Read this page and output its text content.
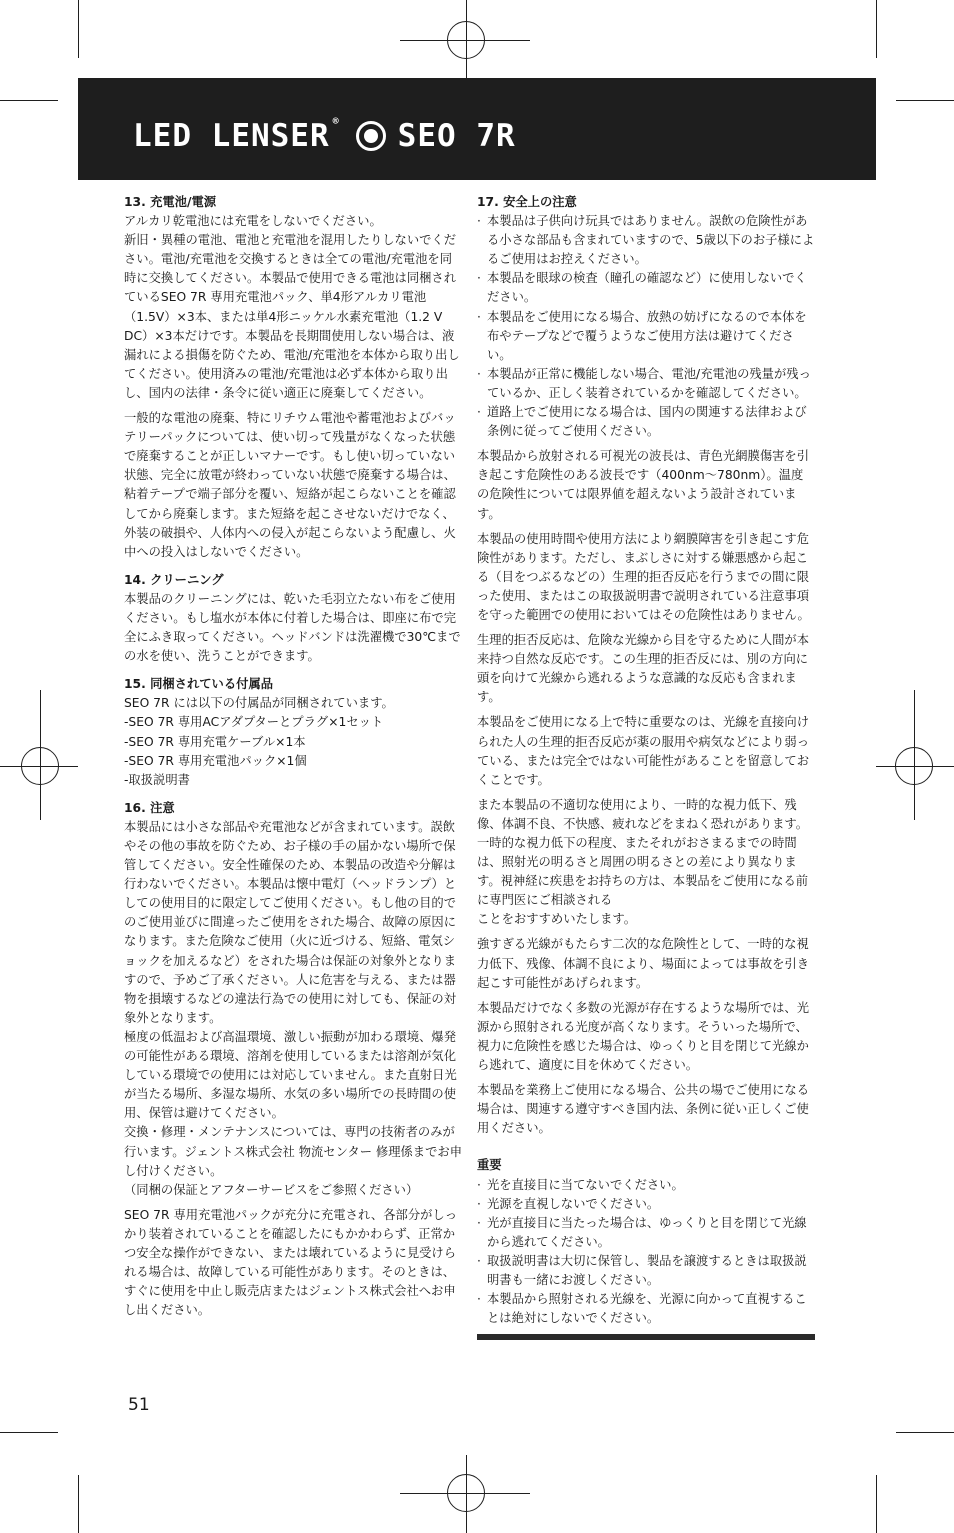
LED LENSER ® SEO 7R
13. 充電池/電源

アルカリ乾電池には充電をしないでください。

新旧・異種の電池、電池と充電池を混用したりしないでください。電池/充電池を交換するときは全ての電池/充電池を同時に交換してください。本製品で使用できる電池は同梱されているSEO 7R 専用充電池パック、単4形アルカリ電池（1.5V）×3本、または単4形ニッケル水素充電池（1.2 V DC）×3本だけです。本製品を長期間使用しない場合は、液漏れによる損傷を防ぐため、電池/充電池を本体から取り出してください。使用済みの電池/充電池は必ず本体から取り出し、国内の法律・条令に従い適正に廃棄してください。

一般的な電池の廃棄、特にリチウム電池や蓄電池およびバッテリーパックについては、使い切って残量がなくなった状態で廃棄することが正しいマナーです。もし使い切っていない状態、完全に放電が終わっていない状態で廃棄する場合は、粘着テープで端子部分を覆い、短絡が起こらないことを確認してから廃棄します。また短絡を起こさせないだけでなく、外装の破損や、人体内への侵入が起こらないよう配慮し、火中への投入はしないでください。

14. クリーニング

本製品のクリーニングには、乾いた毛羽立たない布をご使用ください。もし塩水が本体に付着した場合は、即座に布で完全にふき取ってください。ヘッドバンドは洗濯機で30℃までの水を使い、洗うことができます。

15. 同梱されている付属品
SEO 7R には以下の付属品が同梱されています。
-SEO 7R 専用ACアダプターとプラグ×1セット
-SEO 7R 専用充電ケーブル×1本
-SEO 7R 専用充電池パック×1個
-取扱説明書
16. 注意

本製品には小さな部品や充電池などが含まれています。誤飲やその他の事故を防ぐため、お子様の手の届かない場所で保管してください。安全性確保のため、本製品の改造や分解は行わないでください。本製品は懐中電灯（ヘッドランプ）としての使用目的に限定してご使用ください。もし他の目的でのご使用並びに間違ったご使用をされた場合、故障の原因になります。また危険なご使用（火に近づける、短絡、電気ショックを加えるなど）をされた場合は保証の対象外となりますので、予めご了承ください。人に危害を与える、または器物を損壊するなどの違法行為での使用に対しても、保証の対象外となります。

極度の低温および高温環境、激しい振動が加わる環境、爆発の可能性がある環境、溶剤を使用しているまたは溶剤が気化している環境での使用には対応していません。また直射日光が当たる場所、多湿な場所、水気の多い場所での長時間の使用、保管は避けてください。

交換・修理・メンテナンスについては、専門の技術者のみが行います。ジェントス株式会社 物流センター 修理係までお申し付けください。

（同梱の保証とアフターサービスをご参照ください）

SEO 7R 専用充電池パックが充分に充電され、各部分がしっかり装着されていることを確認したにもかかわらず、正常かつ安全な操作ができない、または壊れているように見受けられる場合は、故障している可能性があります。そのときは、すぐに使用を中止し販売店またはジェントス株式会社へお申し出ください。

17. 安全上の注意
· 本製品は子供向け玩具ではありません。誤飲の危険性がある小さな部品も含まれていますので、5歳以下のお子様によるご使用はお控えください。
· 本製品を眼球の検査（瞳孔の確認など）に使用しないでください。
· 本製品をご使用になる場合、放熱の妨げになるので本体を布やテープなどで覆うようなご使用方法は避けてください。
· 本製品が正常に機能しない場合、電池/充電池の残量が残っているか、正しく装着されているかを確認してください。
· 道路上でご使用になる場合は、国内の関連する法律および条例に従ってご使用ください。

本製品から放射される可視光の波長は、青色光網膜傷害を引き起こす危険性のある波長です（400nm～780nm）。温度の危険性については限界値を超えないよう設計されています。

本製品の使用時間や使用方法により網膜障害を引き起こす危険性があります。ただし、まぶしさに対する嫌悪感から起こる（目をつぶるなどの）生理的拒否反応を行うまでの間に限った使用、またはこの取扱説明書で説明されている注意事項を守った範囲での使用においてはその危険性はありません。

生理的拒否反応は、危険な光線から目を守るために人間が本来持つ自然な反応です。この生理的拒否反には、別の方向に頭を向けて光線から逃れるような意識的な反応も含まれます。

本製品をご使用になる上で特に重要なのは、光線を直接向けられた人の生理的拒否反応が薬の服用や病気などにより弱っている、または完全ではない可能性があることを留意しておくことです。

また本製品の不適切な使用により、一時的な視力低下、残像、体調不良、不快感、疲れなどをまねく恐れがあります。一時的な視力低下の程度、またそれがおさまるまでの時間は、照射光の明るさと周囲の明るさとの差により異なります。視神経に疾患をお持ちの方は、本製品をご使用になる前に専門医にご相談される

ことをおすすめいたします。

強すぎる光線がもたらす二次的な危険性として、一時的な視力低下、残像、体調不良により、場面によっては事故を引き起こす可能性があげられます。

本製品だけでなく多数の光源が存在するような場所では、光源から照射される光度が高くなります。そういった場所で、視力に危険性を感じた場合は、ゆっくりと目を閉じて光線から逃れて、適度に目を休めてください。

本製品を業務上ご使用になる場合、公共の場でご使用になる場合は、関連する遵守すべき国内法、条例に従い正しくご使用ください。

重要
· 光を直接目に当てないでください。
· 光源を直視しないでください。
· 光が直接目に当たった場合は、ゆっくりと目を閉じて光線から逃れてください。
· 取扱説明書は大切に保管し、製品を譲渡するときは取扱説明書も一緒にお渡しください。
· 本製品から照射される光線を、光源に向かって直視することは絶対にしないでください。
51
